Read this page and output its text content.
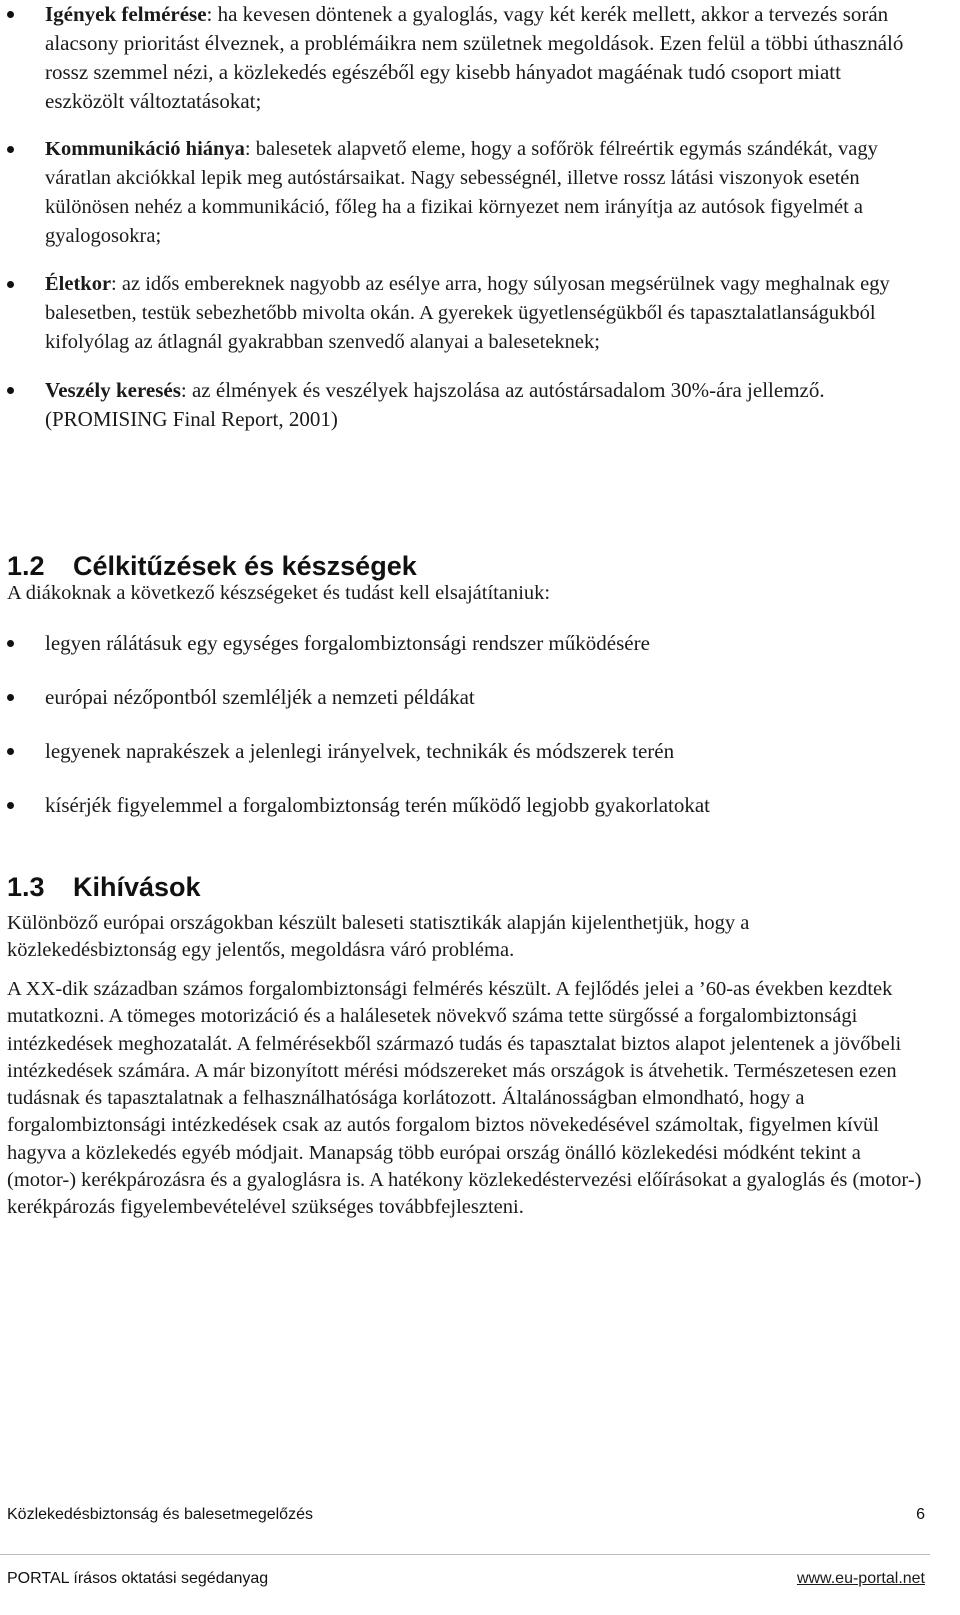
Igények felmérése: ha kevesen döntenek a gyaloglás, vagy két kerék mellett, akkor a tervezés során alacsony prioritást élveznek, a problémáikra nem születnek megoldások. Ezen felül a többi úthasználó rossz szemmel nézi, a közlekedés egészéből egy kisebb hányadot magáénak tudó csoport miatt eszközölt változtatásokat;
Kommunikáció hiánya: balesetek alapvető eleme, hogy a sofőrök félreértik egymás szándékát, vagy váratlan akciókkal lepik meg autóstársaikat. Nagy sebességnél, illetve rossz látási viszonyok esetén különösen nehéz a kommunikáció, főleg ha a fizikai környezet nem irányítja az autósok figyelmét a gyalogosokra;
Életkor: az idős embereknek nagyobb az esélye arra, hogy súlyosan megsérülnek vagy meghalnak egy balesetben, testük sebezhetőbb mivolta okán. A gyerekek ügyetlenségükből és tapasztalatlanságukból kifolyólag az átlagnál gyakrabban szenvedő alanyai a baleseteknek;
Veszély keresés: az élmények és veszélyek hajszolása az autóstársadalom 30%-ára jellemző. (PROMISING Final Report, 2001)
1.2 Célkitűzések és készségek

A diákoknak a következő készségeket és tudást kell elsajátítaniuk:

legyen rálátásuk egy egységes forgalombiztonsági rendszer működésére
európai nézőpontból szemléljék a nemzeti példákat
legyenek naprakészek a jelenlegi irányelvek, technikák és módszerek terén
kísérjék figyelemmel a forgalombiztonság terén működő legjobb gyakorlatokat
1.3 Kihívások

Különböző európai országokban készült baleseti statisztikák alapján kijelenthetjük, hogy a közlekedésbiztonság egy jelentős, megoldásra váró probléma.

A XX-dik században számos forgalombiztonsági felmérés készült. A fejlődés jelei a ’60-as években kezdtek mutatkozni. A tömeges motorizáció és a halálesetek növekvő száma tette sürgőssé a forgalombiztonsági intézkedések meghozatalát. A felmérésekből származó tudás és tapasztalat biztos alapot jelentenek a jövőbeli intézkedések számára. A már bizonyított mérési módszereket más országok is átvehetik. Természetesen ezen tudásnak és tapasztalatnak a felhasználhatósága korlátozott. Általánosságban elmondható, hogy a forgalombiztonsági intézkedések csak az autós forgalom biztos növekedésével számoltak, figyelmen kívül hagyva a közlekedés egyéb módjait. Manapság több európai ország önálló közlekedési módként tekint a (motor-) kerékpározásra és a gyaloglásra is. A hatékony közlekedéstervezési előírásokat a gyaloglás és (motor-) kerékpározás figyelembevételével szükséges továbbfejleszteni.

Közlekedésbiztonság és balesetmegelőzés	6
PORTAL írásos oktatási segédanyag	www.eu-portal.net
